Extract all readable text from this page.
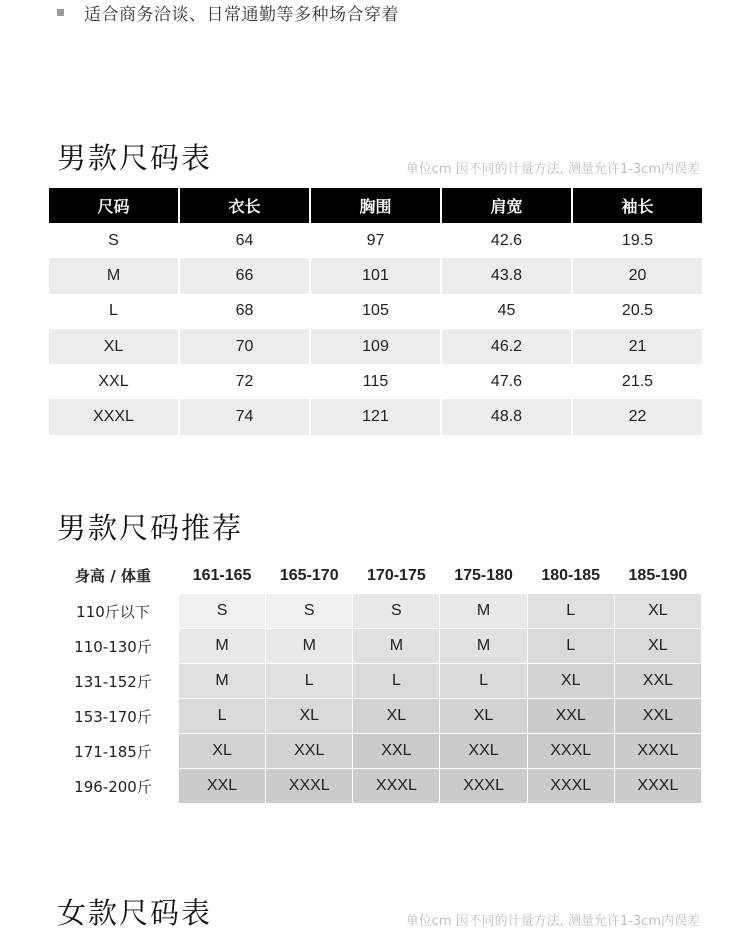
适合商务洽谈、日常通勤等多种场合穿着
男款尺码表	单位cm 因不同的计量方法, 测量允许1-3cm内误差
尺码	衣长	胸围	肩宽	袖长
S	64	97	42.6	19.5
M	66	101	43.8	20
L	68	105	45	20.5
XL	70	109	46.2	21
XXL	72	115	47.6	21.5
XXXL	74	121	48.8	22
男款尺码推荐
身高 / 体重	161-165	165-170	170-175	175-180	180-185	185-190
110斤以下	S	S	S	M	L	XL
110-130斤	M	M	M	M	L	XL
131-152斤	M	L	L	L	XL	XXL
153-170斤	L	XL	XL	XL	XXL	XXL
171-185斤	XL	XXL	XXL	XXL	XXXL	XXXL
196-200斤	XXL	XXXL	XXXL	XXXL	XXXL	XXXL
女款尺码表	单位cm 因不同的计量方法, 测量允许1-3cm内误差
